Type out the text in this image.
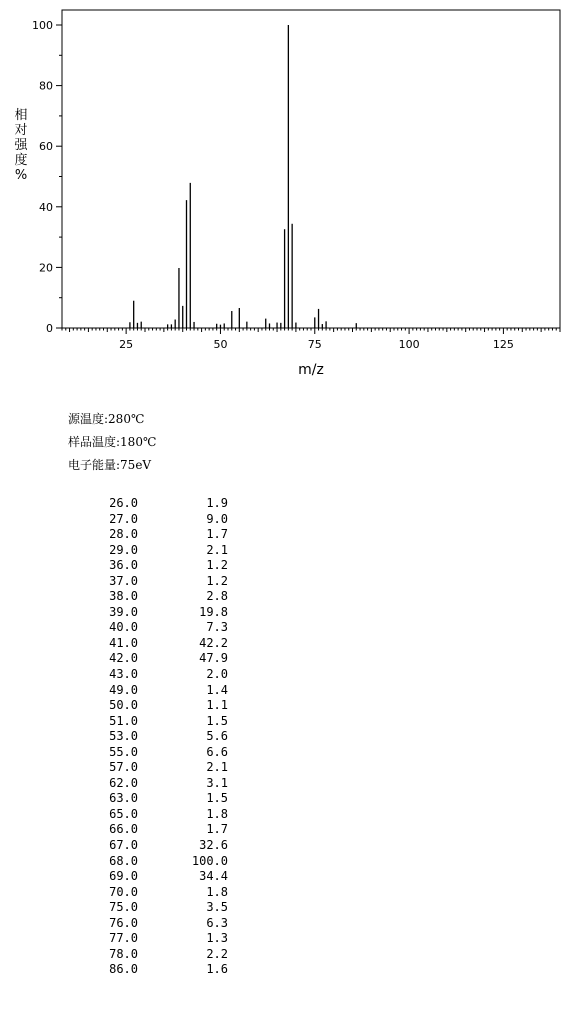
0
20
40
60
80
100
25	50	75	100	125
m/z
相
对
强
度
%
源温度:280℃
样品温度:180℃
电子能量:75eV
26.0	1.9
27.0	9.0
28.0	1.7
29.0	2.1
36.0	1.2
37.0	1.2
38.0	2.8
39.0	19.8
40.0	7.3
41.0	42.2
42.0	47.9
43.0	2.0
49.0	1.4
50.0	1.1
51.0	1.5
53.0	5.6
55.0	6.6
57.0	2.1
62.0	3.1
63.0	1.5
65.0	1.8
66.0	1.7
67.0	32.6
68.0	100.0
69.0	34.4
70.0	1.8
75.0	3.5
76.0	6.3
77.0	1.3
78.0	2.2
86.0	1.6
